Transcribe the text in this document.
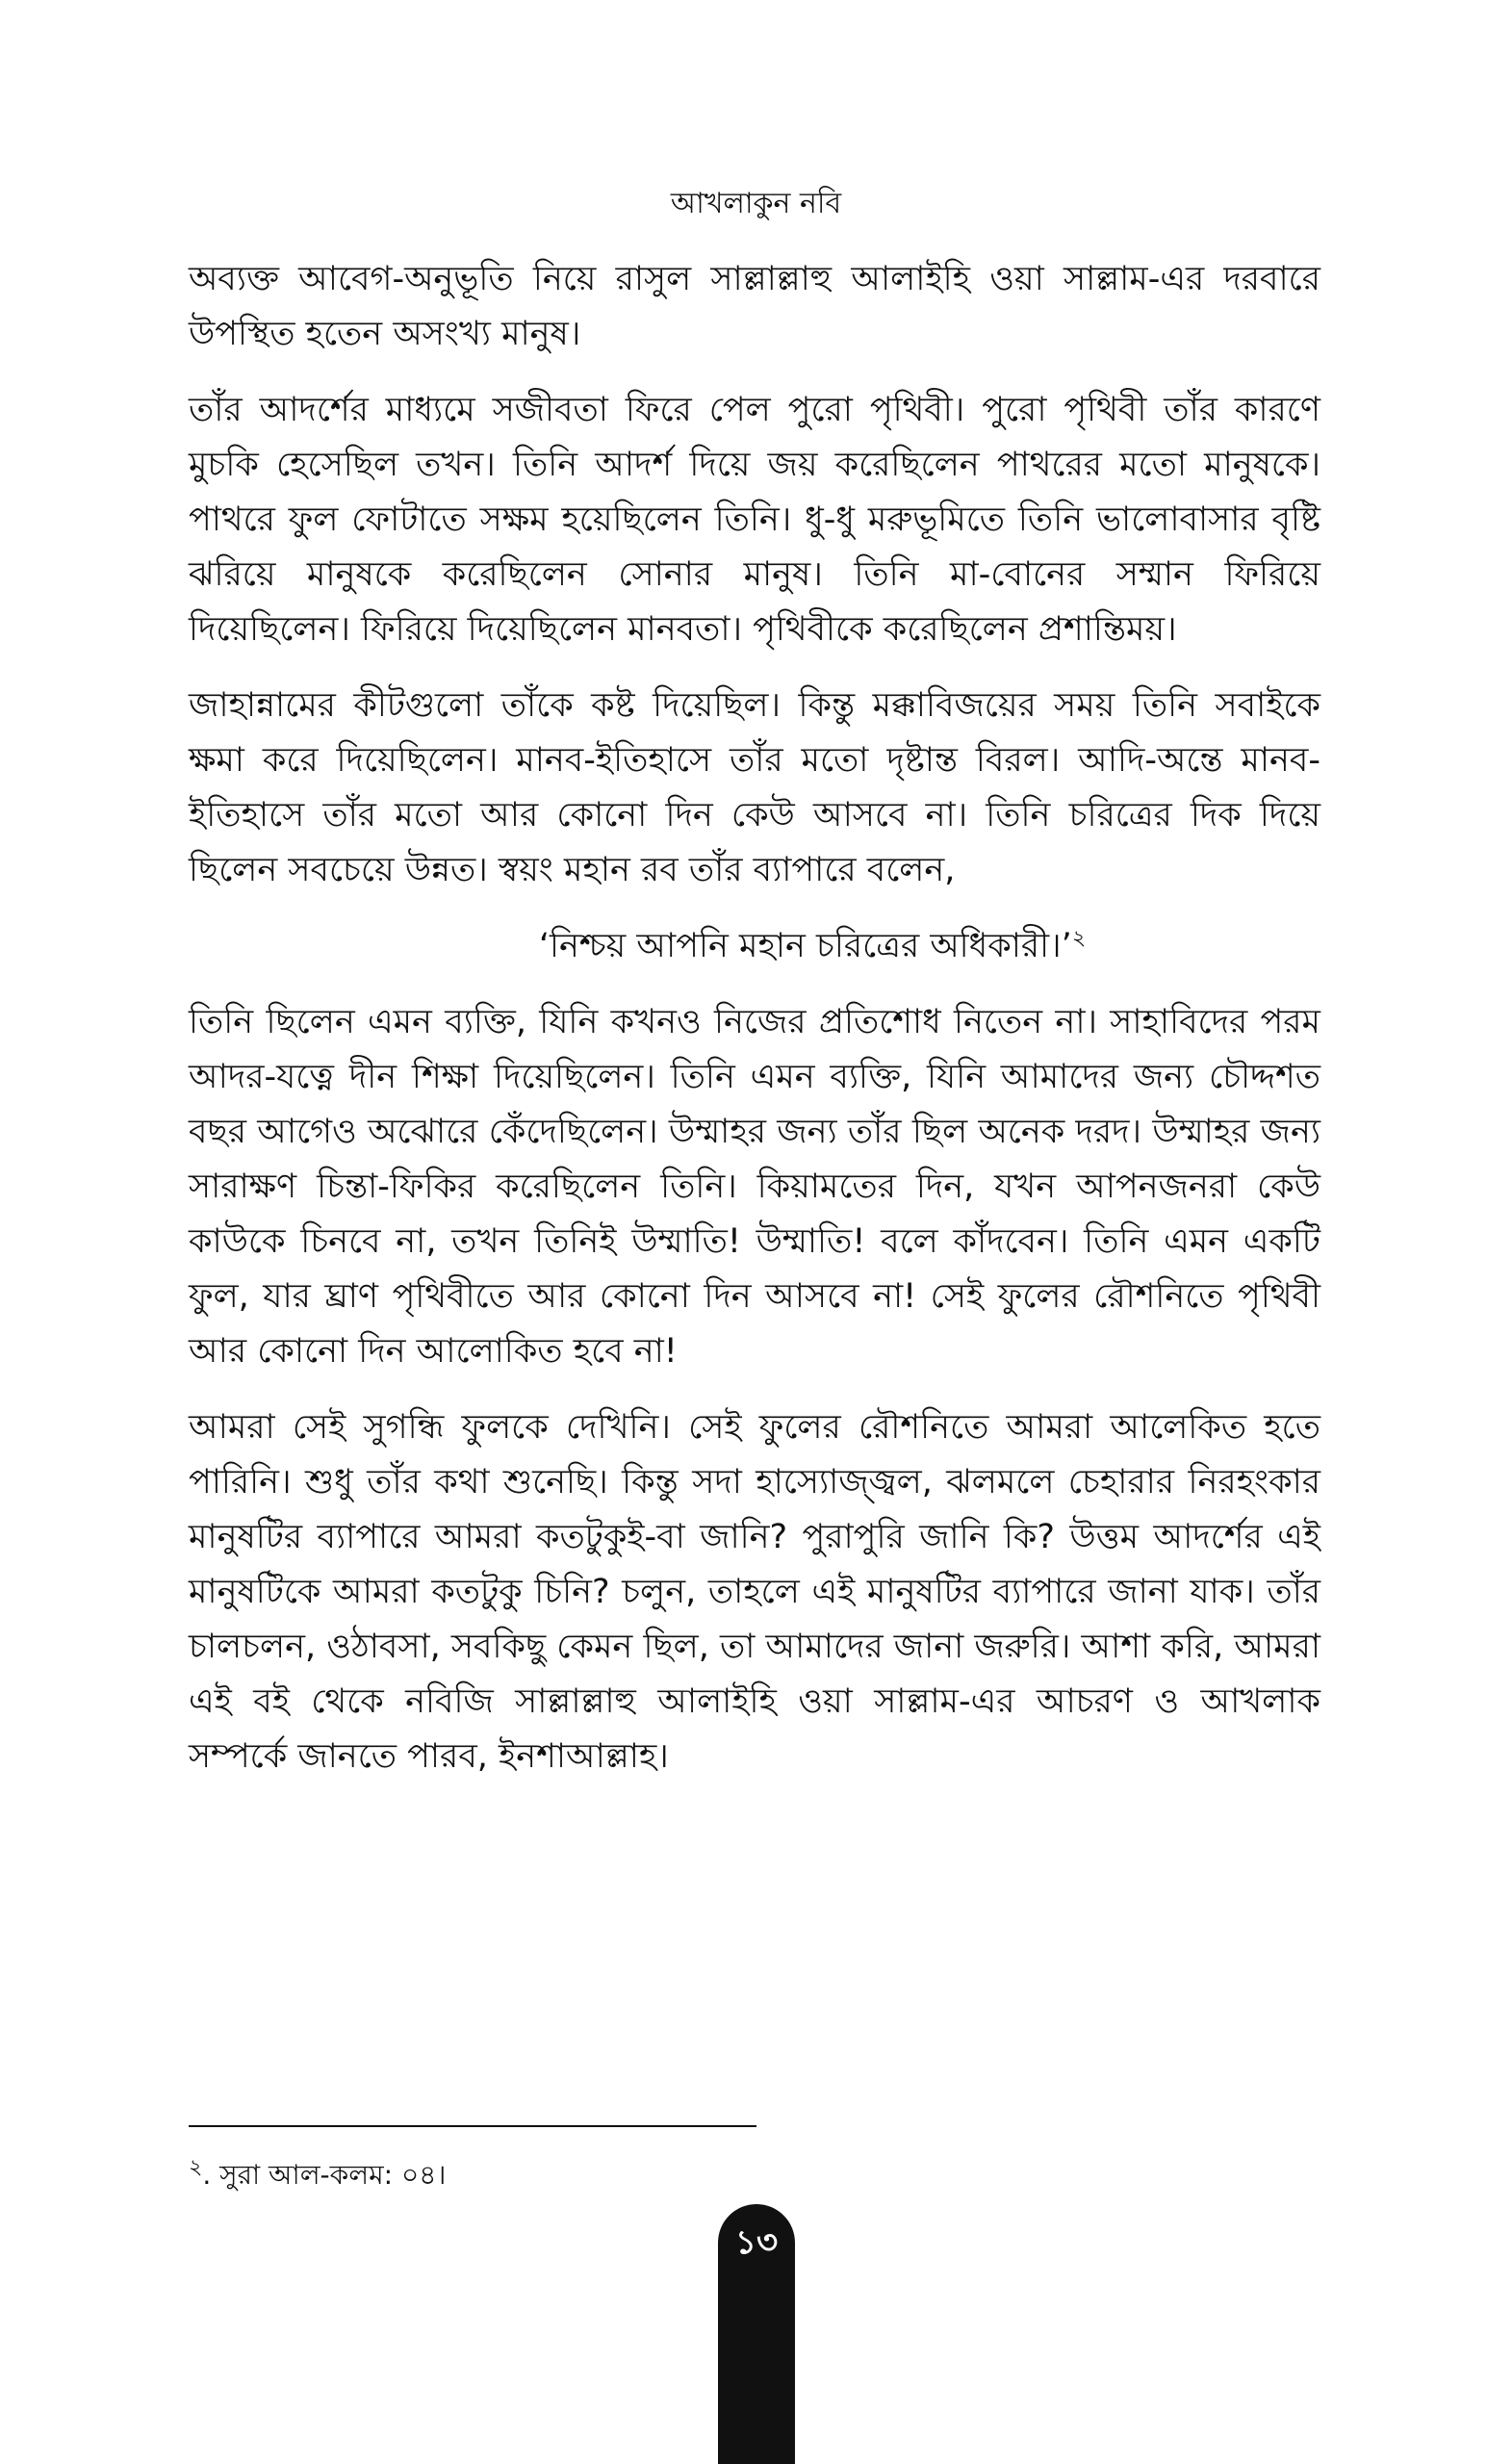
আখলাকুন নবি

অব্যক্ত আবেগ-অনুভূতি নিয়ে রাসুল সাল্লাল্লাহু আলাইহি ওয়া সাল্লাম-এর দরবারে উপস্থিত হতেন অসংখ্য মানুষ।

তাঁর আদর্শের মাধ্যমে সজীবতা ফিরে পেল পুরো পৃথিবী। পুরো পৃথিবী তাঁর কারণে মুচকি হেসেছিল তখন। তিনি আদর্শ দিয়ে জয় করেছিলেন পাথরের মতো মানুষকে। পাথরে ফুল ফোটাতে সক্ষম হয়েছিলেন তিনি। ধু-ধু মরুভূমিতে তিনি ভালোবাসার বৃষ্টি ঝরিয়ে মানুষকে করেছিলেন সোনার মানুষ। তিনি মা-বোনের সম্মান ফিরিয়ে দিয়েছিলেন। ফিরিয়ে দিয়েছিলেন মানবতা। পৃথিবীকে করেছিলেন প্রশান্তিময়।

জাহান্নামের কীটগুলো তাঁকে কষ্ট দিয়েছিল। কিন্তু মক্কাবিজয়ের সময় তিনি সবাইকে ক্ষমা করে দিয়েছিলেন। মানব-ইতিহাসে তাঁর মতো দৃষ্টান্ত বিরল। আদি-অন্তে মানব-ইতিহাসে তাঁর মতো আর কোনো দিন কেউ আসবে না। তিনি চরিত্রের দিক দিয়ে ছিলেন সবচেয়ে উন্নত। স্বয়ং মহান রব তাঁর ব্যাপারে বলেন,

‘নিশ্চয় আপনি মহান চরিত্রের অধিকারী।’$^২$

তিনি ছিলেন এমন ব্যক্তি, যিনি কখনও নিজের প্রতিশোধ নিতেন না। সাহাবিদের পরম আদর-যত্নে দীন শিক্ষা দিয়েছিলেন। তিনি এমন ব্যক্তি, যিনি আমাদের জন্য চৌদ্দশত বছর আগেও অঝোরে কেঁদেছিলেন। উম্মাহর জন্য তাঁর ছিল অনেক দরদ। উম্মাহর জন্য সারাক্ষণ চিন্তা-ফিকির করেছিলেন তিনি। কিয়ামতের দিন, যখন আপনজনরা কেউ কাউকে চিনবে না, তখন তিনিই উম্মাতি! উম্মাতি! বলে কাঁদবেন। তিনি এমন একটি ফুল, যার ঘ্রাণ পৃথিবীতে আর কোনো দিন আসবে না! সেই ফুলের রৌশনিতে পৃথিবী আর কোনো দিন আলোকিত হবে না!

আমরা সেই সুগন্ধি ফুলকে দেখিনি। সেই ফুলের রৌশনিতে আমরা আলেকিত হতে পারিনি। শুধু তাঁর কথা শুনেছি। কিন্তু সদা হাস্যোজ্জ্বল, ঝলমলে চেহারার নিরহংকার মানুষটির ব্যাপারে আমরা কতটুকুই-বা জানি? পুরাপুরি জানি কি? উত্তম আদর্শের এই মানুষটিকে আমরা কতটুকু চিনি? চলুন, তাহলে এই মানুষটির ব্যাপারে জানা যাক। তাঁর চালচলন, ওঠাবসা, সবকিছু কেমন ছিল, তা আমাদের জানা জরুরি। আশা করি, আমরা এই বই থেকে নবিজি সাল্লাল্লাহু আলাইহি ওয়া সাল্লাম-এর আচরণ ও আখলাক সম্পর্কে জানতে পারব, ইনশাআল্লাহ।

$^২$. সুরা আল-কলম: ০৪।
১৩
